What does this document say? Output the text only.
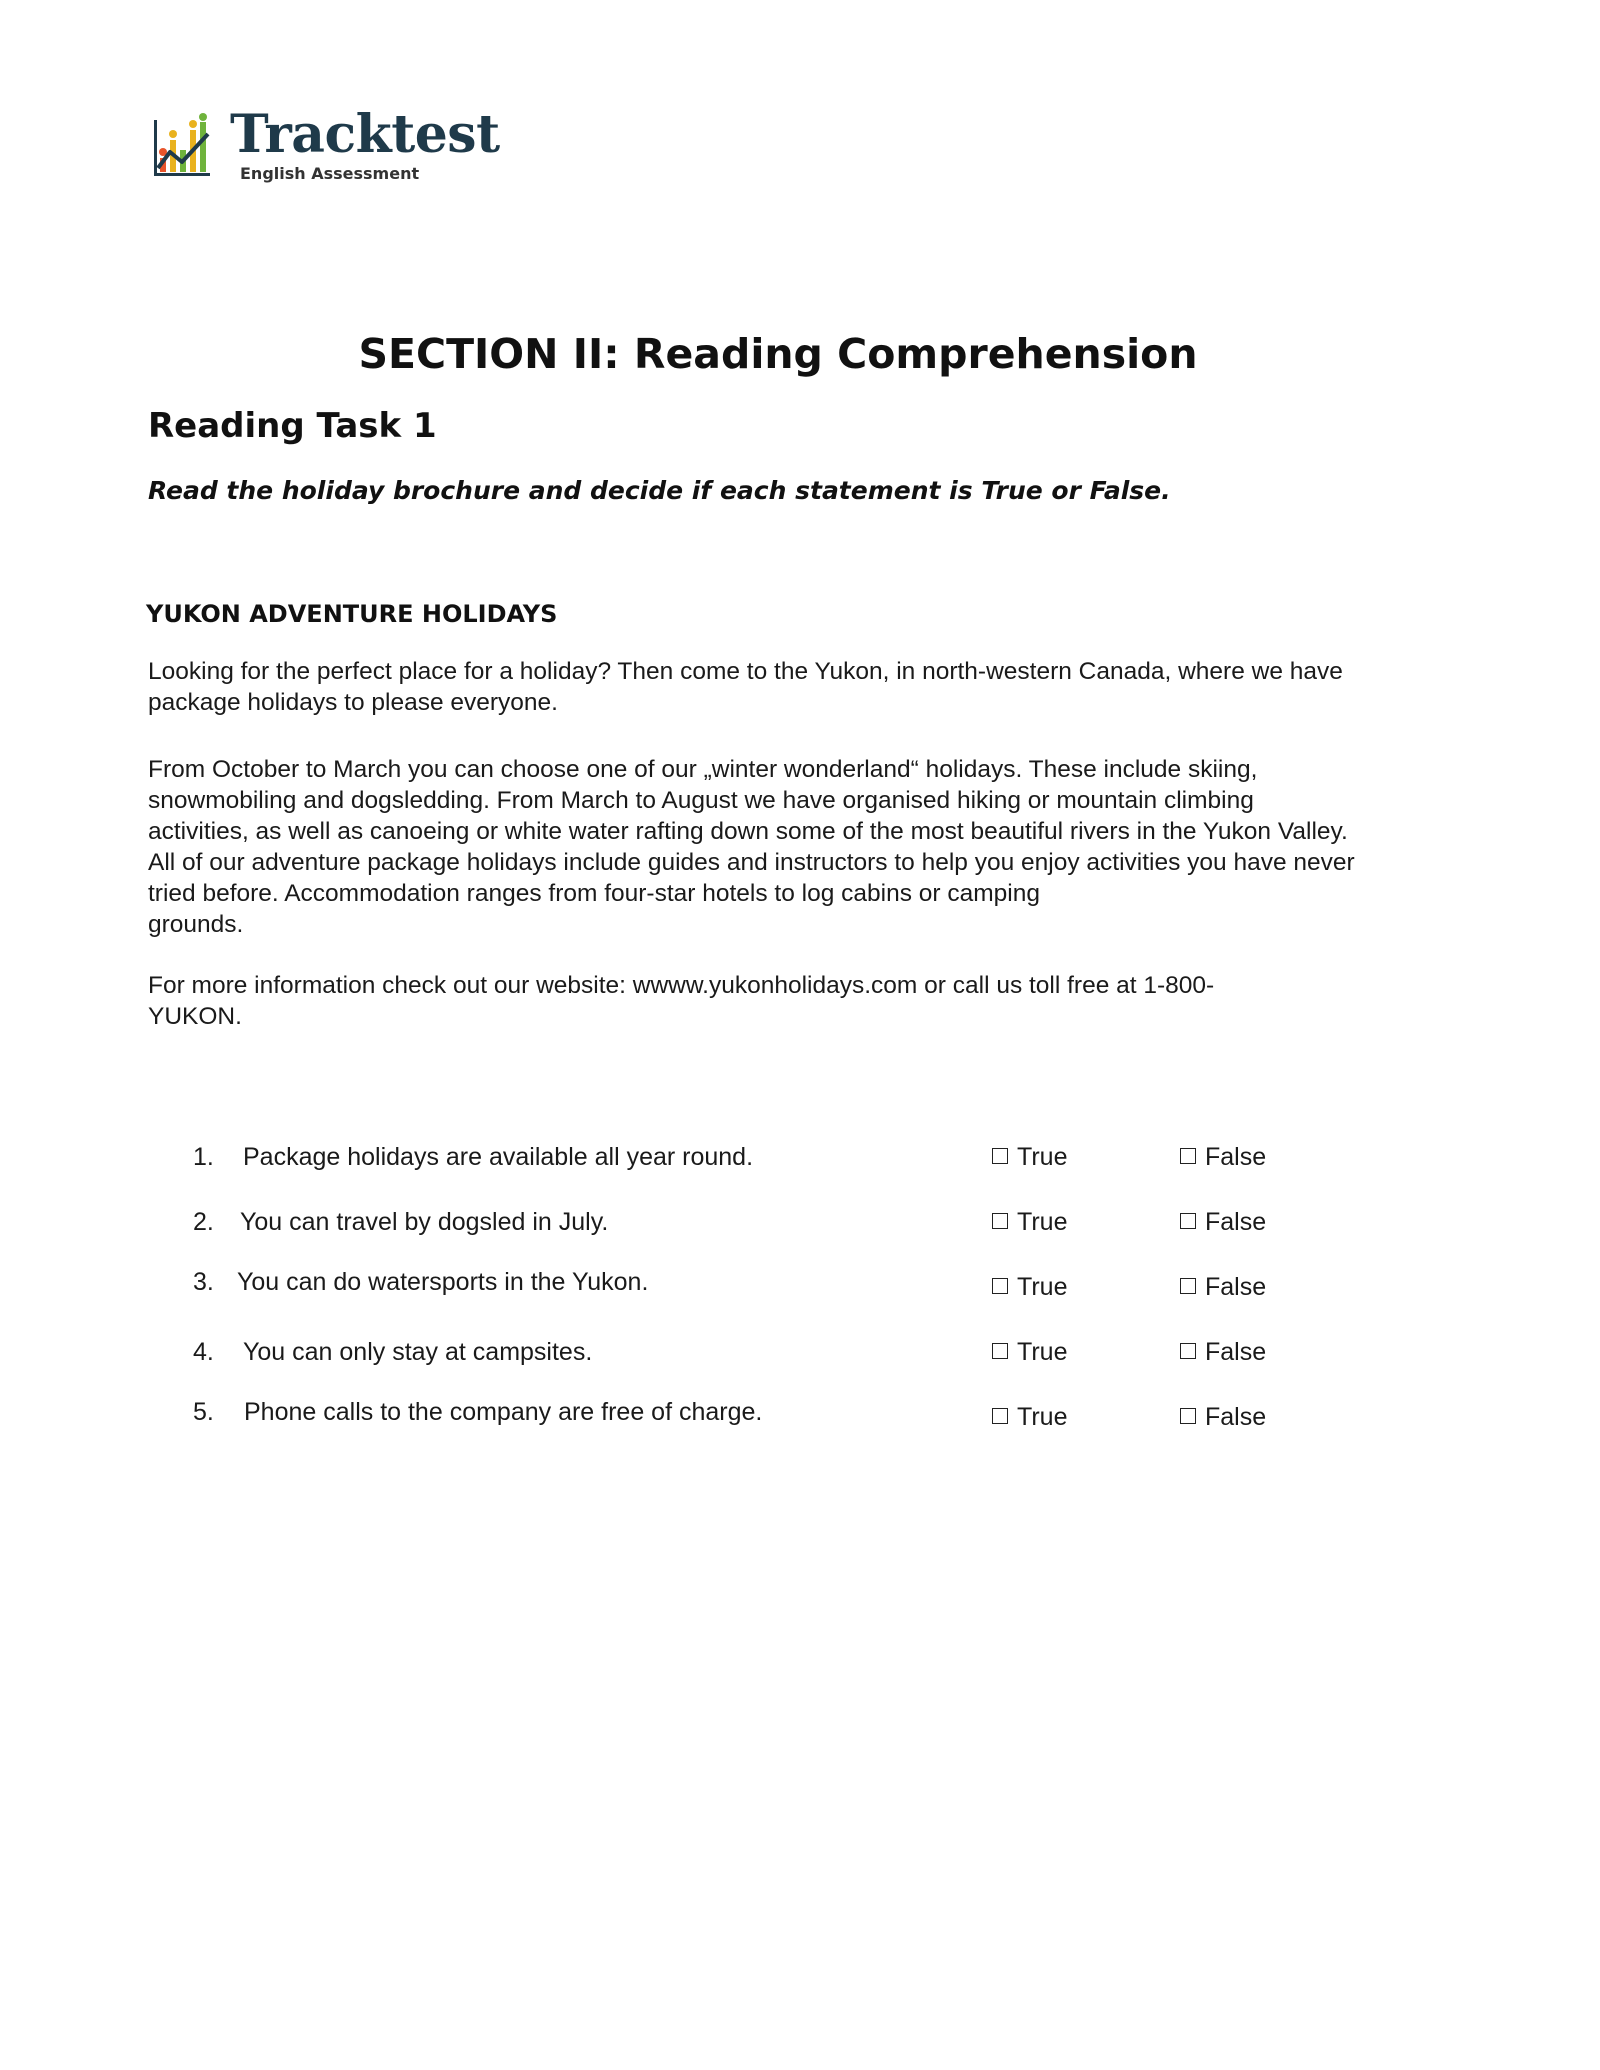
Tracktest
English Assessment
SECTION II: Reading Comprehension
Reading Task 1
Read the holiday brochure and decide if each statement is True or False.
YUKON ADVENTURE HOLIDAYS
Looking for the perfect place for a holiday? Then come to the Yukon, in north-western Canada, where we have
package holidays to please everyone.
From October to March you can choose one of our „winter wonderland“ holidays. These include skiing,
snowmobiling and dogsledding. From March to August we have organised hiking or mountain climbing
activities, as well as canoeing or white water rafting down some of the most beautiful rivers in the Yukon Valley.
All of our adventure package holidays include guides and instructors to help you enjoy activities you have never
tried before. Accommodation ranges from four-star hotels to log cabins or camping
grounds.
For more information check out our website: wwww.yukonholidays.com or call us toll free at 1-800-
YUKON.
1. Package holidays are available all year round.	True	False
2. You can travel by dogsled in July.	True	False
3. You can do watersports in the Yukon.	True	False
4. You can only stay at campsites.	True	False
5. Phone calls to the company are free of charge.	True	False
